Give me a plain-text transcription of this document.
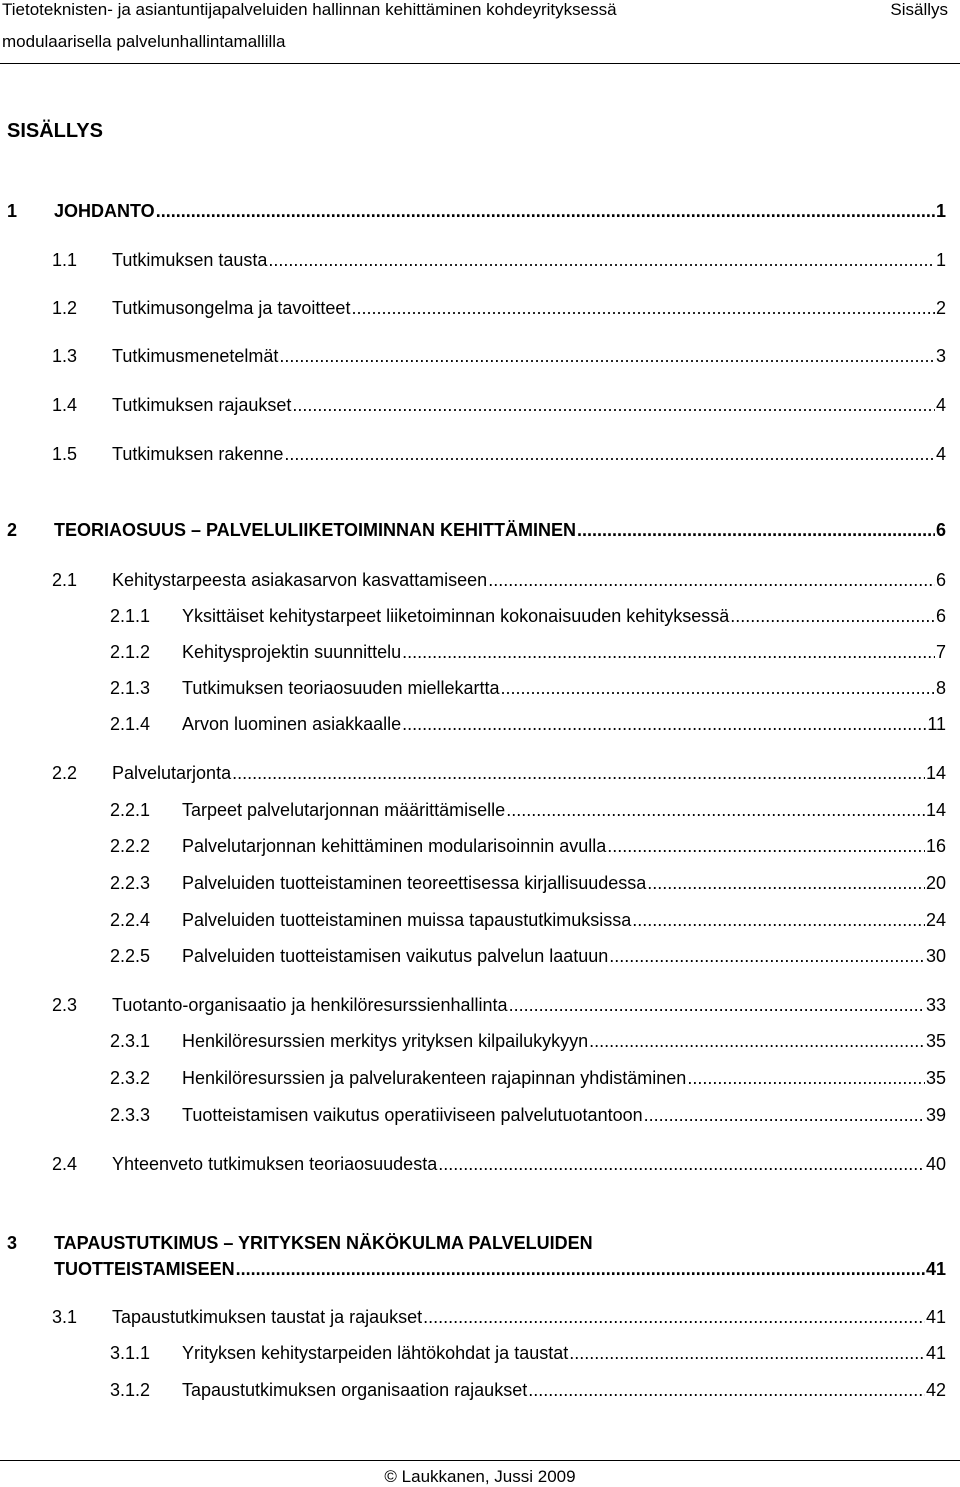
Tietoteknisten- ja asiantuntijapalveluiden hallinnan kehittäminen kohdeyrityksessä	Sisällys
modulaarisella palvelunhallintamallilla
SISÄLLYS
1	JOHDANTO .....	1
1.1	Tutkimuksen tausta .....	1
1.2	Tutkimusongelma ja tavoitteet .....	2
1.3	Tutkimusmenetelmät .....	3
1.4	Tutkimuksen rajaukset .....	4
1.5	Tutkimuksen rakenne .....	4
2	TEORIAOSUUS – PALVELULIIKETOIMINNAN KEHITTÄMINEN .....	6
2.1	Kehitystarpeesta asiakasarvon kasvattamiseen .....	6
2.1.1	Yksittäiset kehitystarpeet liiketoiminnan kokonaisuuden kehityksessä .....	6
2.1.2	Kehitysprojektin suunnittelu .....	7
2.1.3	Tutkimuksen teoriaosuuden miellekartta .....	8
2.1.4	Arvon luominen asiakkaalle .....	11
2.2	Palvelutarjonta .....	14
2.2.1	Tarpeet palvelutarjonnan määrittämiselle .....	14
2.2.2	Palvelutarjonnan kehittäminen modularisoinnin avulla .....	16
2.2.3	Palveluiden tuotteistaminen teoreettisessa kirjallisuudessa .....	20
2.2.4	Palveluiden tuotteistaminen muissa tapaustutkimuksissa .....	24
2.2.5	Palveluiden tuotteistamisen vaikutus palvelun laatuun .....	30
2.3	Tuotanto-organisaatio ja henkilöresurssienhallinta .....	33
2.3.1	Henkilöresurssien merkitys yrityksen kilpailukykyyn .....	35
2.3.2	Henkilöresurssien ja palvelurakenteen rajapinnan yhdistäminen .....	35
2.3.3	Tuotteistamisen vaikutus operatiiviseen palvelutuotantoon .....	39
2.4	Yhteenveto tutkimuksen teoriaosuudesta .....	40
3 TAPAUSTUTKIMUS – YRITYKSEN NÄKÖKULMA PALVELUIDEN
TUOTTEISTAMISEEN .....	41
3.1	Tapaustutkimuksen taustat ja rajaukset .....	41
3.1.1	Yrityksen kehitystarpeiden lähtökohdat ja taustat .....	41
3.1.2	Tapaustutkimuksen organisaation rajaukset .....	42
© Laukkanen, Jussi 2009
